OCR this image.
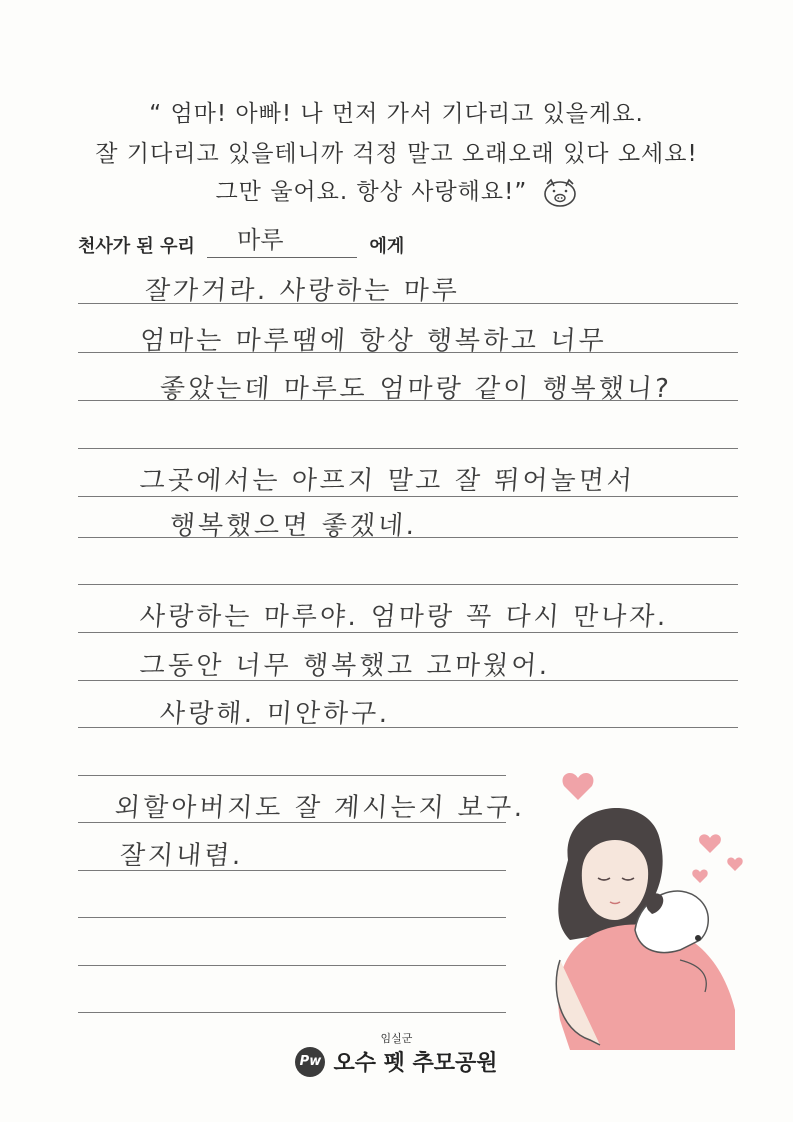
“ 엄마! 아빠! 나 먼저 가서 기다리고 있을게요.
잘 기다리고 있을테니까 걱정 말고 오래오래 있다 오세요!
그만 울어요. 항상 사랑해요!”
천사가 된 우리 마루	에게
잘가거라. 사랑하는 마루
엄마는 마루땜에 항상 행복하고 너무
좋았는데 마루도 엄마랑 같이 행복했니?
그곳에서는 아프지 말고 잘 뛰어놀면서
행복했으면 좋겠네.
사랑하는 마루야. 엄마랑 꼭 다시 만나자.
그동안 너무 행복했고 고마웠어.
사랑해. 미안하구.
외할아버지도 잘 계시는지 보구.
잘지내렴.
임실군
Pw 오수 펫 추모공원
